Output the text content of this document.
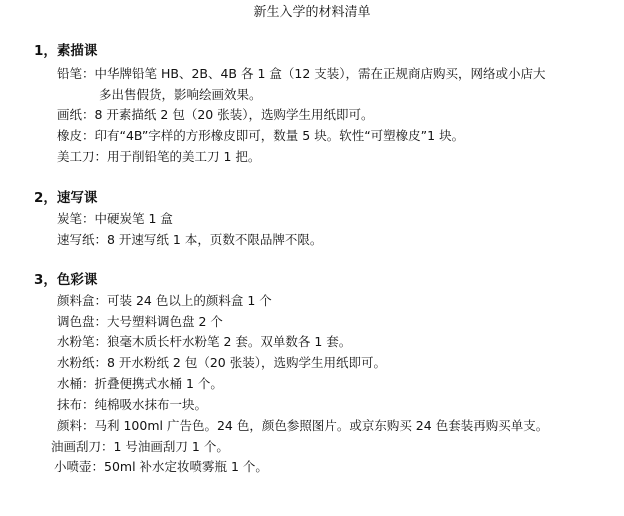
新生入学的材料清单
1，素描课
铅笔：中华牌铅笔 HB、2B、4B 各 1 盒（12 支装），需在正规商店购买，网络或小店大
多出售假货，影响绘画效果。
画纸：8 开素描纸 2 包（20 张装），选购学生用纸即可。
橡皮：印有“4B”字样的方形橡皮即可，数量 5 块。软性“可塑橡皮”1 块。
美工刀：用于削铅笔的美工刀 1 把。
2，速写课
炭笔：中硬炭笔 1 盒
速写纸：8 开速写纸 1 本，页数不限品牌不限。
3，色彩课
颜料盒：可装 24 色以上的颜料盒 1 个
调色盘：大号塑料调色盘 2 个
水粉笔：狼毫木质长杆水粉笔 2 套。双单数各 1 套。
水粉纸：8 开水粉纸 2 包（20 张装），选购学生用纸即可。
水桶：折叠便携式水桶 1 个。
抹布：纯棉吸水抹布一块。
颜料：马利 100ml 广告色。24 色，颜色参照图片。或京东购买 24 色套装再购买单支。
油画刮刀：1 号油画刮刀 1 个。
小喷壶：50ml 补水定妆喷雾瓶 1 个。
